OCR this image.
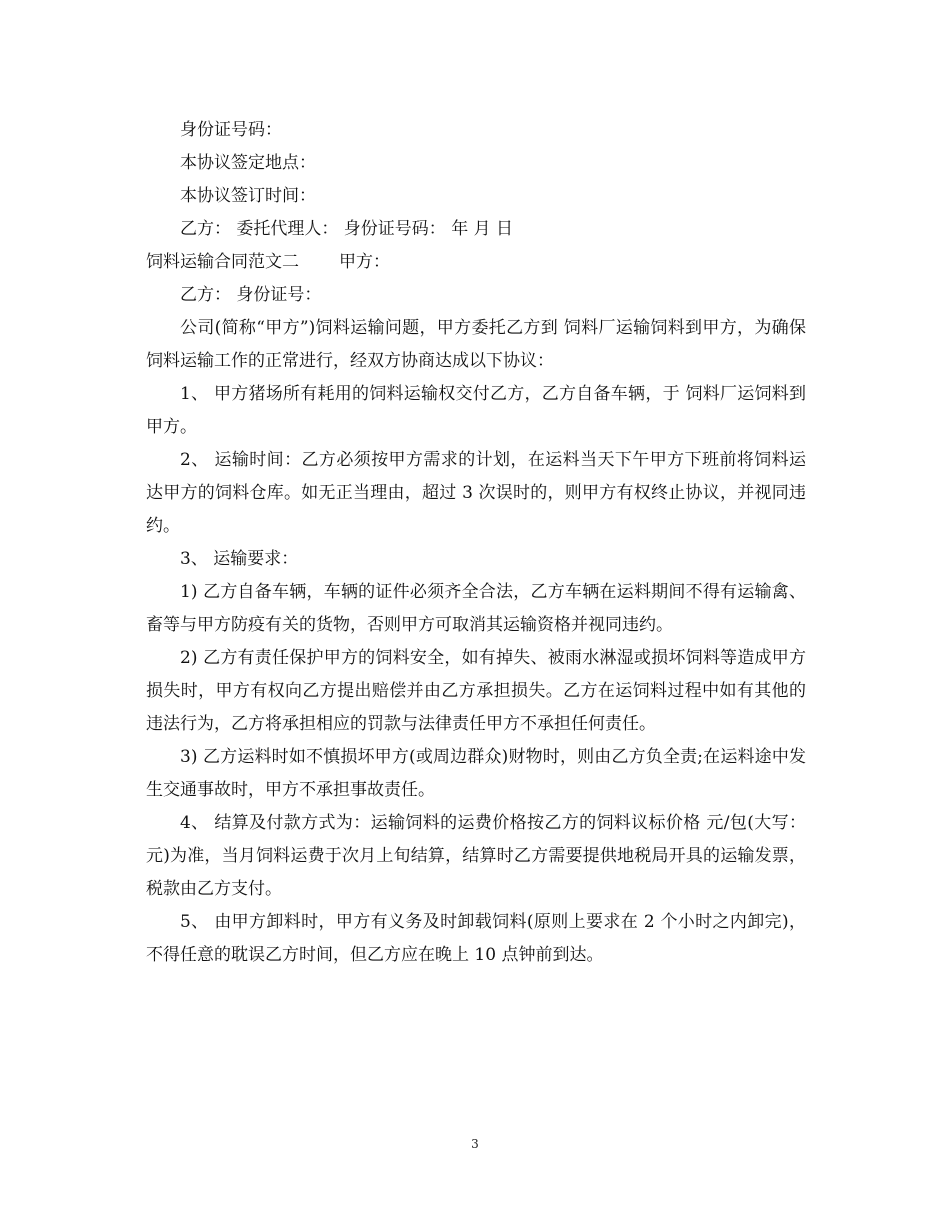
身份证号码：

本协议签定地点：

本协议签订时间：

乙方： 委托代理人： 身份证号码： 年 月 日

饲料运输合同范文二 甲方：

乙方： 身份证号：

公司(简称“甲方”)饲料运输问题，甲方委托乙方到 饲料厂运输饲料到甲方，为确保饲料运输工作的正常进行，经双方协商达成以下协议：

1、 甲方猪场所有耗用的饲料运输权交付乙方，乙方自备车辆，于 饲料厂运饲料到甲方。

2、 运输时间：乙方必须按甲方需求的计划，在运料当天下午甲方下班前将饲料运达甲方的饲料仓库。如无正当理由，超过 3 次误时的，则甲方有权终止协议，并视同违约。

3、 运输要求：

1) 乙方自备车辆，车辆的证件必须齐全合法，乙方车辆在运料期间不得有运输禽、畜等与甲方防疫有关的货物，否则甲方可取消其运输资格并视同违约。

2) 乙方有责任保护甲方的饲料安全，如有掉失、被雨水淋湿或损坏饲料等造成甲方损失时，甲方有权向乙方提出赔偿并由乙方承担损失。乙方在运饲料过程中如有其他的违法行为，乙方将承担相应的罚款与法律责任甲方不承担任何责任。

3) 乙方运料时如不慎损坏甲方(或周边群众)财物时，则由乙方负全责;在运料途中发生交通事故时，甲方不承担事故责任。

4、 结算及付款方式为：运输饲料的运费价格按乙方的饲料议标价格 元/包(大写： 元)为准，当月饲料运费于次月上旬结算，结算时乙方需要提供地税局开具的运输发票，税款由乙方支付。

5、 由甲方卸料时，甲方有义务及时卸载饲料(原则上要求在 2 个小时之内卸完)，不得任意的耽误乙方时间，但乙方应在晚上 10 点钟前到达。

3
